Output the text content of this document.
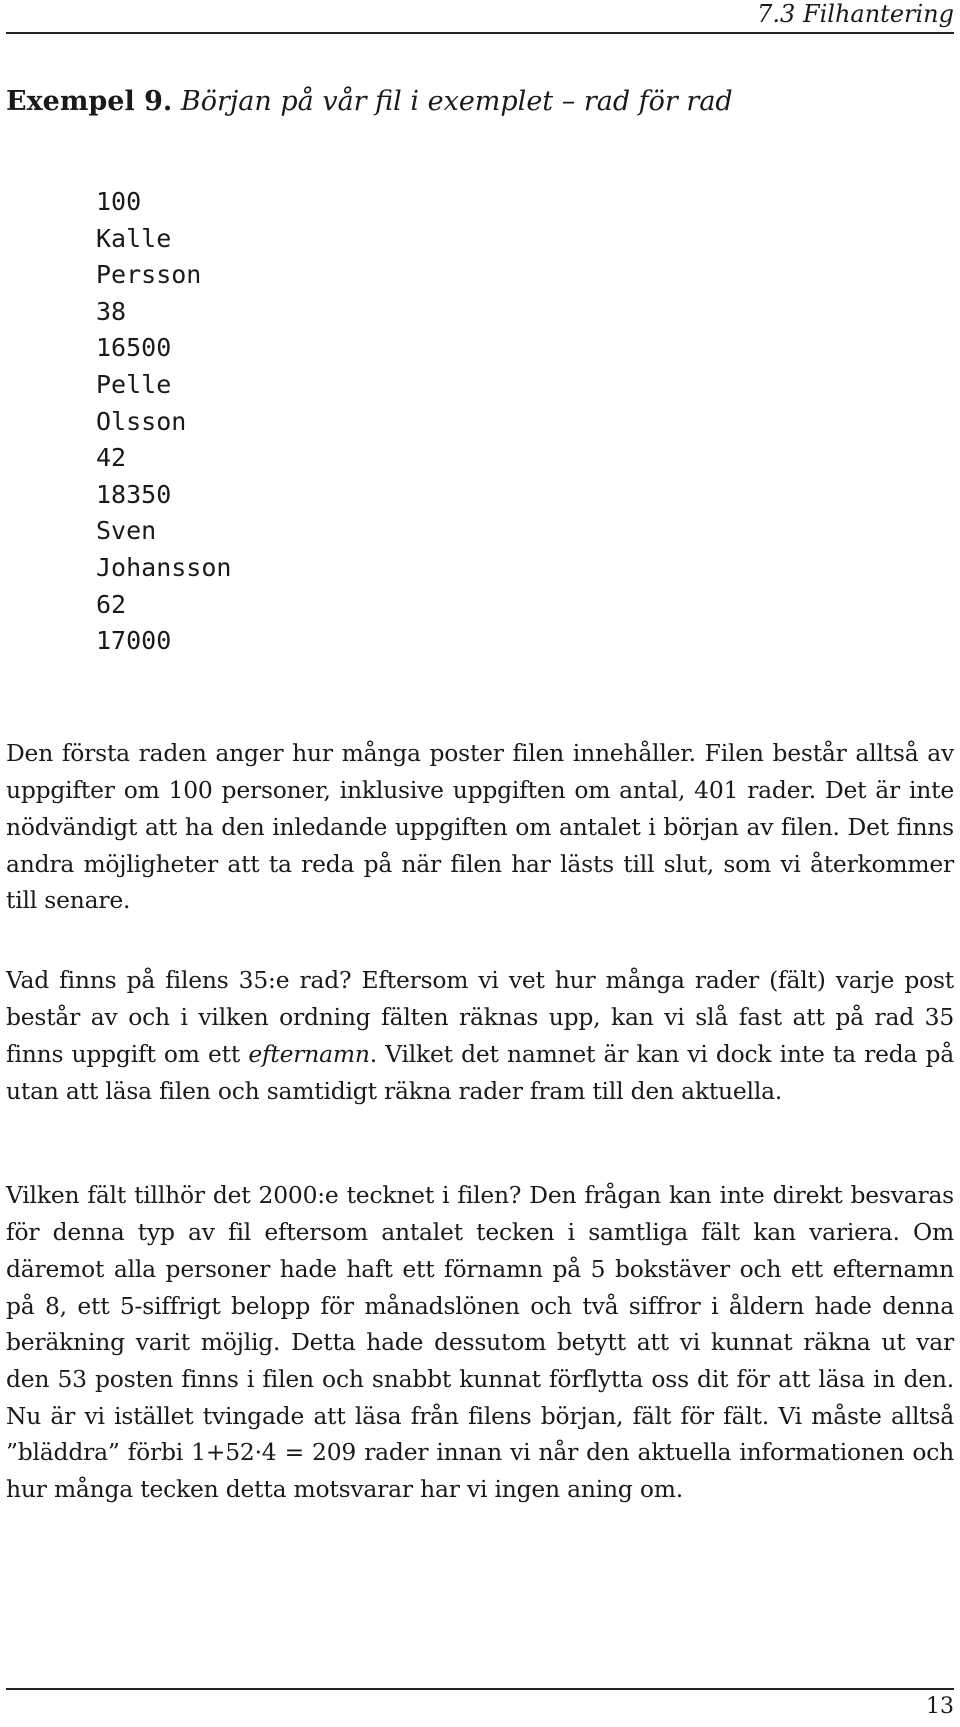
7.3 Filhantering
Exempel 9. Början på vår fil i exemplet – rad för rad
100
Kalle
Persson
38
16500
Pelle
Olsson
42
18350
Sven
Johansson
62
17000

Den första raden anger hur många poster filen innehåller. Filen består alltså av uppgifter om 100 personer, inklusive uppgiften om antal, 401 rader. Det är inte nödvändigt att ha den inledande uppgiften om antalet i början av filen. Det finns andra möjligheter att ta reda på när filen har lästs till slut, som vi återkommer till senare.

Vad finns på filens 35:e rad? Eftersom vi vet hur många rader (fält) varje post består av och i vilken ordning fälten räknas upp, kan vi slå fast att på rad 35 finns uppgift om ett efternamn. Vilket det namnet är kan vi dock inte ta reda på utan att läsa filen och samtidigt räkna rader fram till den aktuella.

Vilken fält tillhör det 2000:e tecknet i filen? Den frågan kan inte direkt besvaras för denna typ av fil eftersom antalet tecken i samtliga fält kan variera. Om däremot alla personer hade haft ett förnamn på 5 bokstäver och ett efternamn på 8, ett 5-siffrigt belopp för månadslönen och två siffror i åldern hade denna beräkning varit möjlig. Detta hade dessutom betytt att vi kunnat räkna ut var den 53 posten finns i filen och snabbt kunnat förflytta oss dit för att läsa in den. Nu är vi istället tvingade att läsa från filens början, fält för fält. Vi måste alltså ”bläddra” förbi 1+52·4 = 209 rader innan vi når den aktuella informationen och hur många tecken detta motsvarar har vi ingen aning om.

13
